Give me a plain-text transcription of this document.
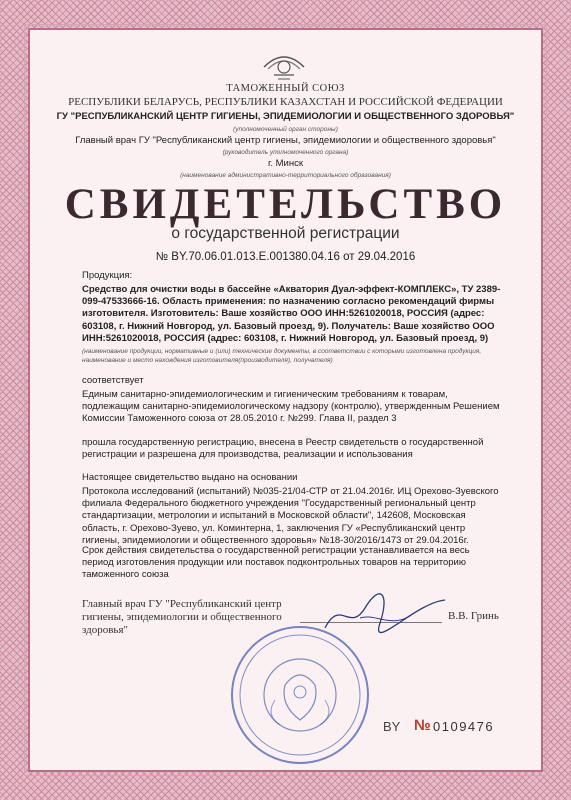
ТАМОЖЕННЫЙ СОЮЗ
РЕСПУБЛИКИ БЕЛАРУСЬ, РЕСПУБЛИКИ КАЗАХСТАН И РОССИЙСКОЙ ФЕДЕРАЦИИ
ГУ "РЕСПУБЛИКАНСКИЙ ЦЕНТР ГИГИЕНЫ, ЭПИДЕМИОЛОГИИ И ОБЩЕСТВЕННОГО ЗДОРОВЬЯ"
(уполномоченный орган стороны)
Главный врач ГУ "Республиканский центр гигиены, эпидемиологии и общественного здоровья"
(руководитель уполномоченного органа)
г. Минск
(наименование административно-территориального образования)
СВИДЕТЕЛЬСТВО
о государственной регистрации
№ BY.70.06.01.013.E.001380.04.16 от 29.04.2016
Продукция:
Средство для очистки воды в бассейне «Акватория Дуал-эффект-КОМПЛЕКС», ТУ 2389-099-47533666-16. Область применения: по назначению согласно рекомендаций фирмы изготовителя. Изготовитель: Ваше хозяйство ООО ИНН:5261020018, РОССИЯ (адрес: 603108, г. Нижний Новгород, ул. Базовый проезд, 9). Получатель: Ваше хозяйство ООО ИНН:5261020018, РОССИЯ (адрес: 603108, г. Нижний Новгород, ул. Базовый проезд, 9)
(наименование продукции, нормативные и (или) технические документы, в соответствии с которыми изготовлена продукция, наименование и место нахождения изготовителя(производителя), получателя)
соответствует
Единым санитарно-эпидемиологическим и гигиеническим требованиям к товарам, подлежащим санитарно-эпидемиологическому надзору (контролю), утвержденным Решением Комиссии Таможенного союза от 28.05.2010 г. №299. Глава II, раздел 3
прошла государственную регистрацию, внесена в Реестр свидетельств о государственной регистрации и разрешена для производства, реализации и использования
Настоящее свидетельство выдано на основании
Протокола исследований (испытаний) №035-21/04-СТР от 21.04.2016г. ИЦ Орехово-Зуевского филиала Федерального бюджетного учреждения "Государственный региональный центр стандартизации, метрологии и испытаний в Московской области", 142608, Московская область, г. Орехово-Зуево, ул. Коминтерна, 1, заключения ГУ «Республиканский центр гигиены, эпидемиологии и общественного здоровья» №18-30/2016/1473 от 29.04.2016г.
Срок действия свидетельства о государственной регистрации устанавливается на весь период изготовления продукции или поставок подконтрольных товаров на территорию таможенного союза
Главный врач ГУ "Республиканский центр гигиены, эпидемиологии и общественного здоровья"
В.В. Гринь
BY № 0109476
